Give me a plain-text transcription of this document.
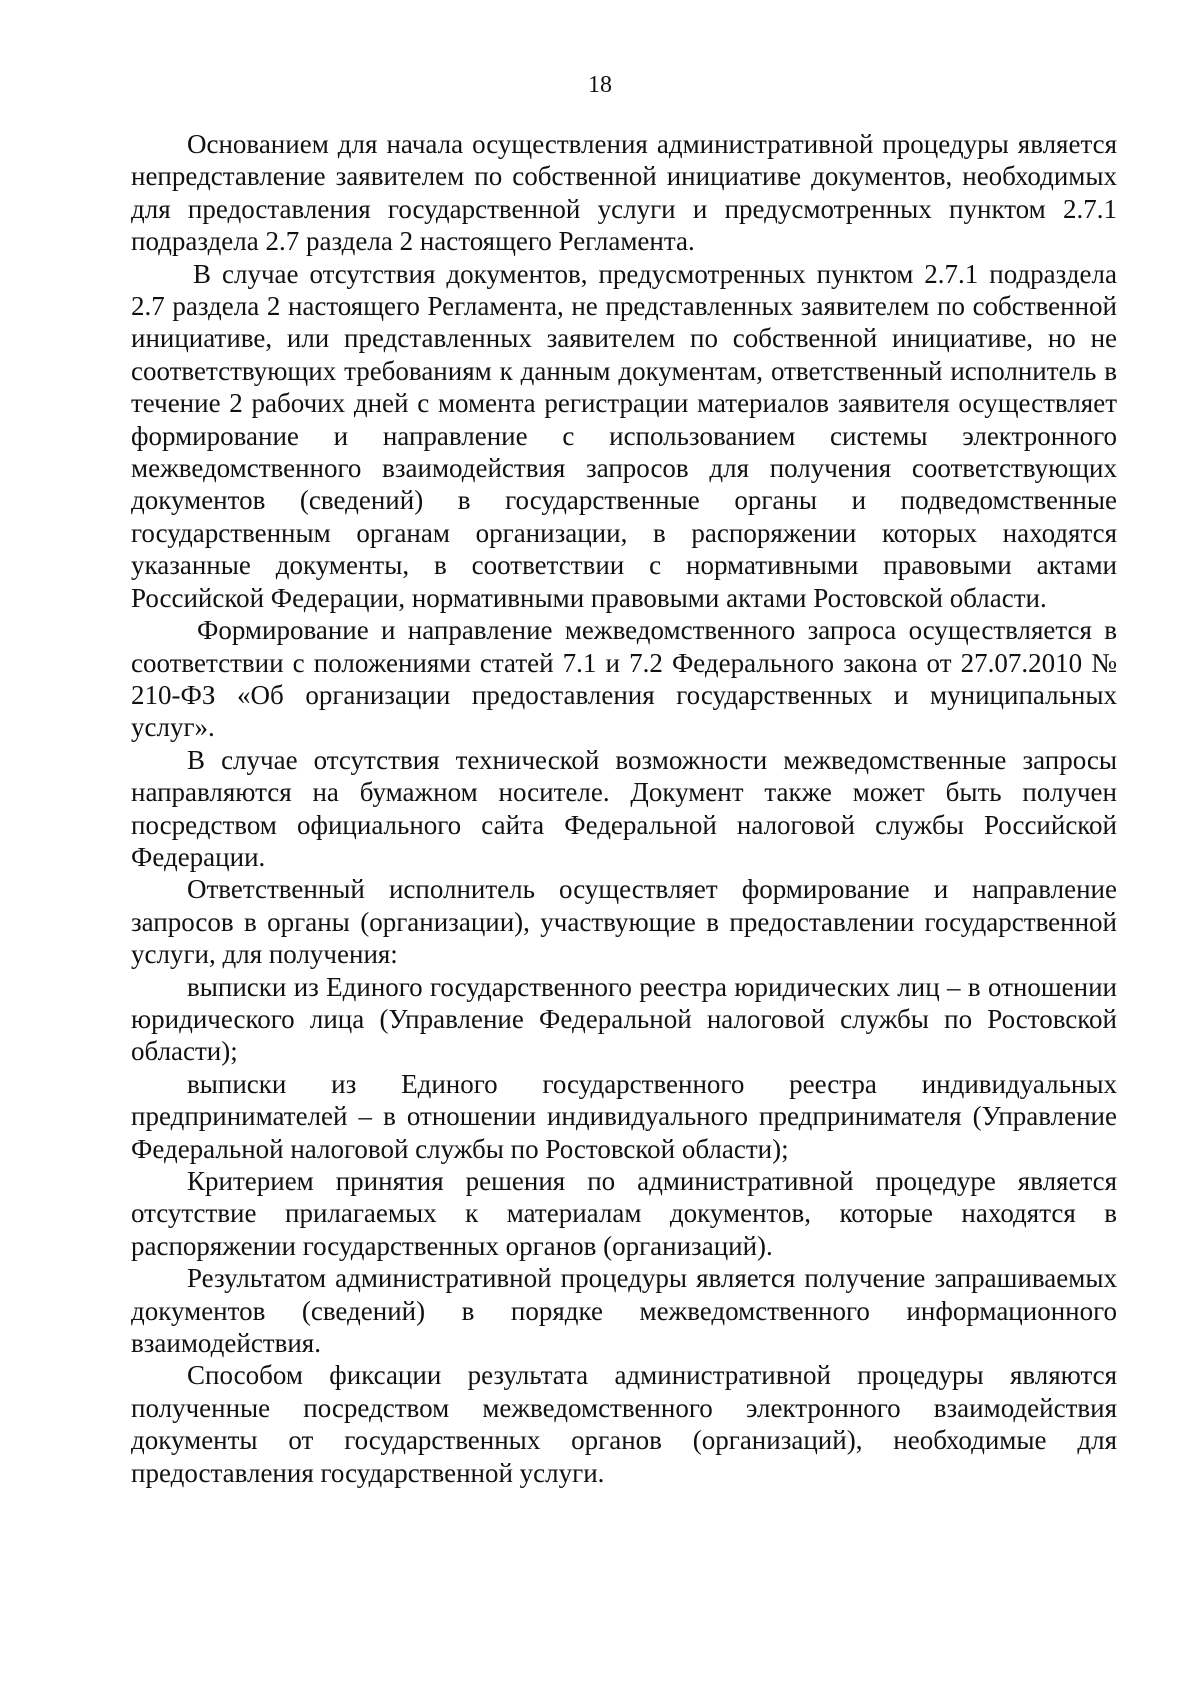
18

Основанием для начала осуществления административной процедуры является непредставление заявителем по собственной инициативе документов, необходимых для предоставления государственной услуги и предусмотренных пунктом 2.7.1 подраздела 2.7 раздела 2 настоящего Регламента.

В случае отсутствия документов, предусмотренных пунктом 2.7.1 подраздела 2.7 раздела 2 настоящего Регламента, не представленных заявителем по собственной инициативе, или представленных заявителем по собственной инициативе, но не соответствующих требованиям к данным документам, ответственный исполнитель в течение 2 рабочих дней с момента регистрации материалов заявителя осуществляет формирование и направление с использованием системы электронного межведомственного взаимодействия запросов для получения соответствующих документов (сведений) в государственные органы и подведомственные государственным органам организации, в распоряжении которых находятся указанные документы, в соответствии с нормативными правовыми актами Российской Федерации, нормативными правовыми актами Ростовской области.

Формирование и направление межведомственного запроса осуществляется в соответствии с положениями статей 7.1 и 7.2 Федерального закона от 27.07.2010 № 210-ФЗ «Об организации предоставления государственных и муниципальных услуг».

В случае отсутствия технической возможности межведомственные запросы направляются на бумажном носителе. Документ также может быть получен посредством официального сайта Федеральной налоговой службы Российской Федерации.

Ответственный исполнитель осуществляет формирование и направление запросов в органы (организации), участвующие в предоставлении государственной услуги, для получения:

выписки из Единого государственного реестра юридических лиц – в отношении юридического лица (Управление Федеральной налоговой службы по Ростовской области);

выписки из Единого государственного реестра индивидуальных предпринимателей – в отношении индивидуального предпринимателя (Управление Федеральной налоговой службы по Ростовской области);

Критерием принятия решения по административной процедуре является отсутствие прилагаемых к материалам документов, которые находятся в распоряжении государственных органов (организаций).

Результатом административной процедуры является получение запрашиваемых документов (сведений) в порядке межведомственного информационного взаимодействия.

Способом фиксации результата административной процедуры являются полученные посредством межведомственного электронного взаимодействия документы от государственных органов (организаций), необходимые для предоставления государственной услуги.
